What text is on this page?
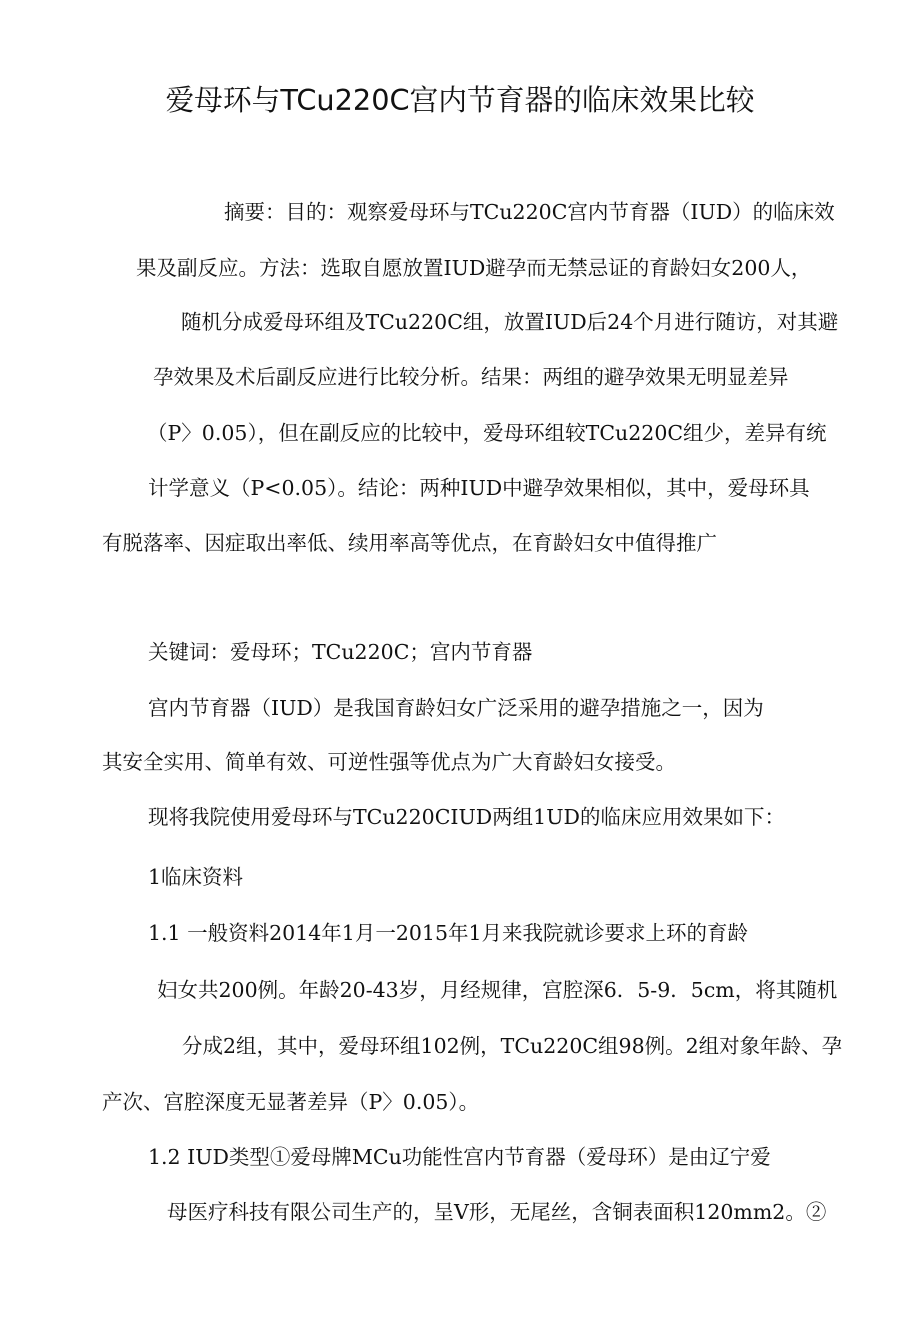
爱母环与TCu220C宫内节育器的临床效果比较
摘要：目的：观察爱母环与TCu220C宫内节育器（IUD）的临床效
果及副反应。方法：选取自愿放置IUD避孕而无禁忌证的育龄妇女200人，
随机分成爱母环组及TCu220C组，放置IUD后24个月进行随访，对其避
孕效果及术后副反应进行比较分析。结果：两组的避孕效果无明显差异
（P〉0.05），但在副反应的比较中，爱母环组较TCu220C组少，差异有统
计学意义（P<0.05）。结论：两种IUD中避孕效果相似，其中，爱母环具
有脱落率、因症取出率低、续用率高等优点，在育龄妇女中值得推广
关键词：爱母环；TCu220C；宫内节育器
宫内节育器（IUD）是我国育龄妇女广泛采用的避孕措施之一，因为
其安全实用、简单有效、可逆性强等优点为广大育龄妇女接受。
现将我院使用爱母环与TCu220CIUD两组1UD的临床应用效果如下：
1临床资料
1.1 一般资料2014年1月一2015年1月来我院就诊要求上环的育龄
妇女共200例。年龄20-43岁，月经规律，宫腔深6．5-9．5cm，将其随机
分成2组，其中，爱母环组102例，TCu220C组98例。2组对象年龄、孕
产次、宫腔深度无显著差异（P〉0.05）。
1.2 IUD类型①爱母牌MCu功能性宫内节育器（爱母环）是由辽宁爱
母医疗科技有限公司生产的，呈V形，无尾丝，含铜表面积120mm2。②
